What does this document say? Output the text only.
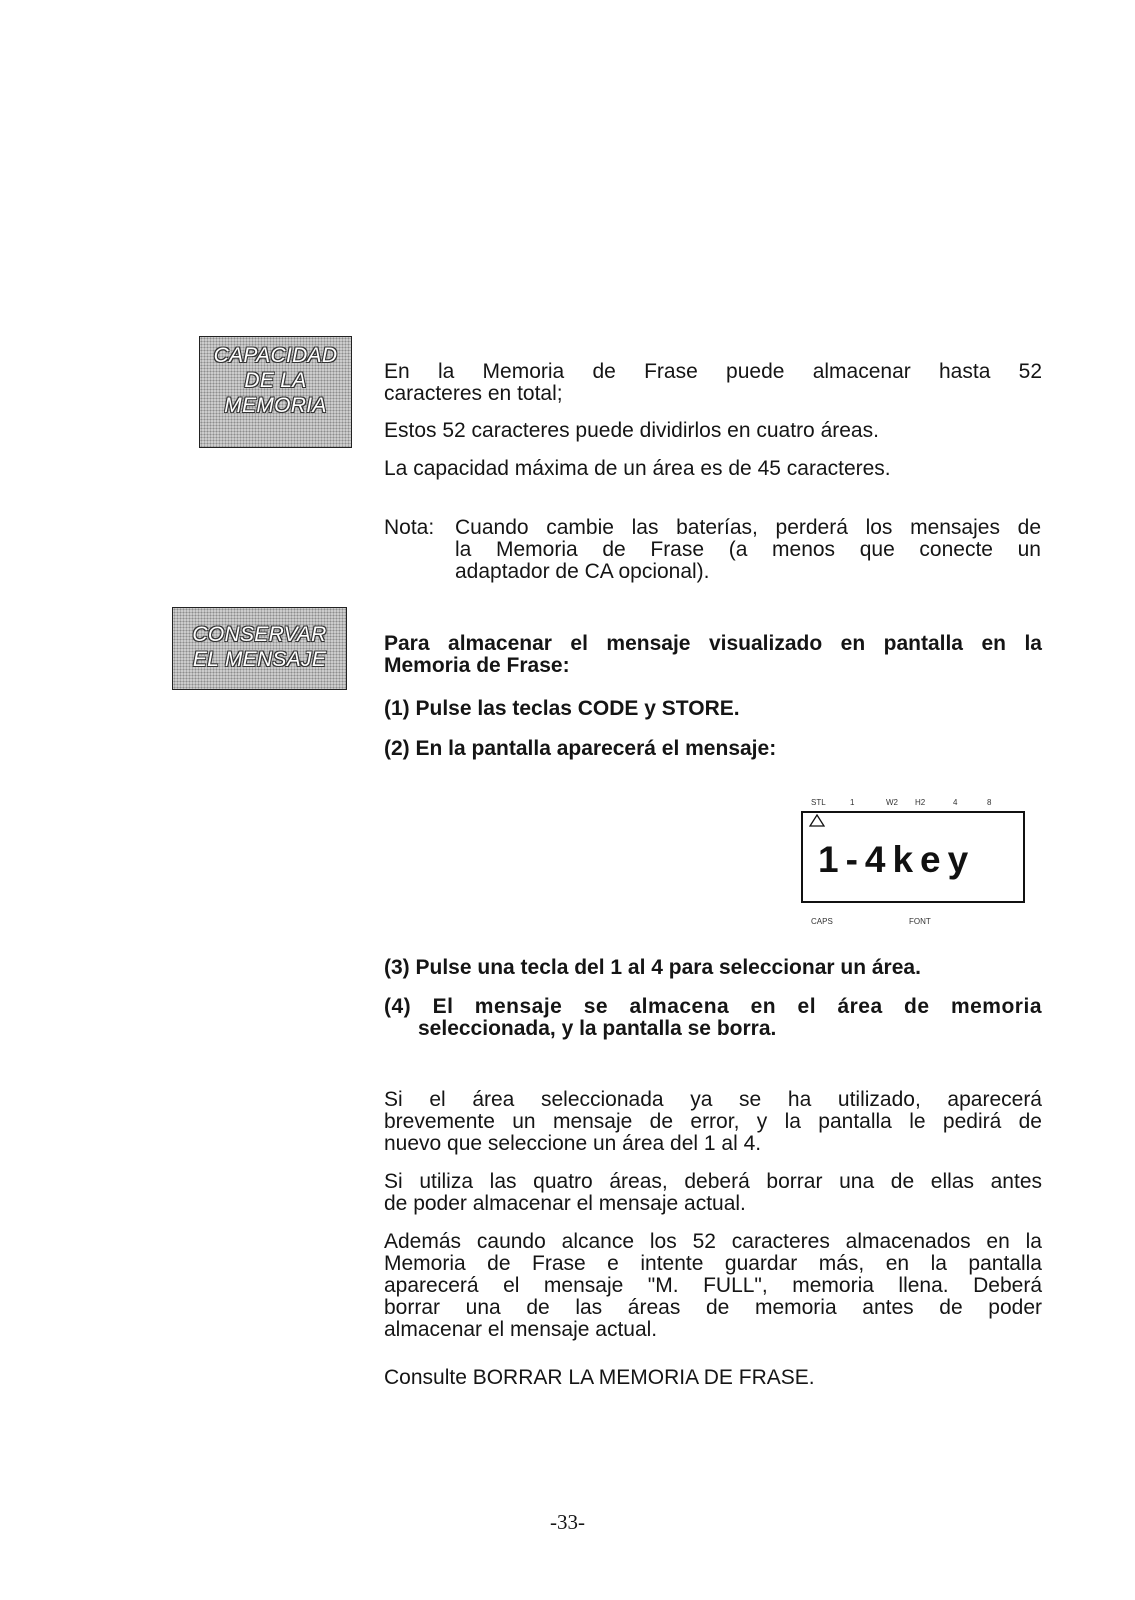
CAPACIDAD
DE LA
MEMORIA

En la Memoria de Frase puede almacenar hasta 52

caracteres en total;

Estos 52 caracteres puede dividirlos en cuatro áreas.

La capacidad máxima de un área es de 45 caracteres.

Nota: Cuando cambie las baterías, perderá los mensajes de

la Memoria de Frase (a menos que conecte un

adaptador de CA opcional).

CONSERVAR
EL MENSAJE

Para almacenar el mensaje visualizado en pantalla en la

Memoria de Frase:

(1) Pulse las teclas CODE y STORE.

(2) En la pantalla aparecerá el mensaje:

STL	1	W2 H2	4	8
1-4key
CAPS	FONT

(3) Pulse una tecla del 1 al 4 para seleccionar un área.

(4) El mensaje se almacena en el área de memoria

seleccionada, y la pantalla se borra.

Si el área seleccionada ya se ha utilizado, aparecerá

brevemente un mensaje de error, y la pantalla le pedirá de

nuevo que seleccione un área del 1 al 4.

Si utiliza las quatro áreas, deberá borrar una de ellas antes

de poder almacenar el mensaje actual.

Además caundo alcance los 52 caracteres almacenados en la

Memoria de Frase e intente guardar más, en la pantalla

aparecerá el mensaje "M. FULL", memoria llena. Deberá

borrar una de las áreas de memoria antes de poder

almacenar el mensaje actual.

Consulte BORRAR LA MEMORIA DE FRASE.

-33-
